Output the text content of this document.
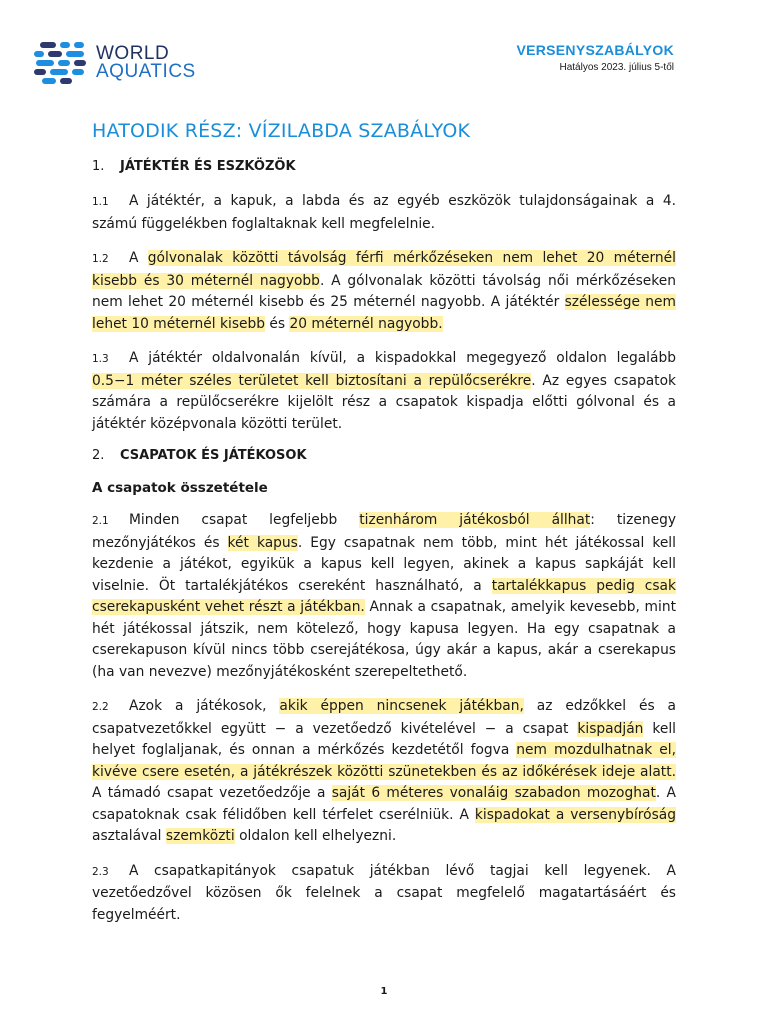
WORLD
AQUATICS
VERSENYSZABÁLYOK
Hatályos 2023. július 5-től
HATODIK RÉSZ: VÍZILABDA SZABÁLYOK
1. JÁTÉKTÉR ÉS ESZKÖZÖK

1.1 A játéktér, a kapuk, a labda és az egyéb eszközök tulajdonságainak a 4. számú függelékben foglaltaknak kell megfelelnie.

1.2 A gólvonalak közötti távolság férfi mérkőzéseken nem lehet 20 méternél kisebb és 30 méternél nagyobb. A gólvonalak közötti távolság női mérkőzéseken nem lehet 20 méternél kisebb és 25 méternél nagyobb. A játéktér szélessége nem lehet 10 méternél kisebb és 20 méternél nagyobb.

1.3 A játéktér oldalvonalán kívül, a kispadokkal megegyező oldalon legalább 0.5−1 méter széles területet kell biztosítani a repülőcserékre. Az egyes csapatok számára a repülőcserékre kijelölt rész a csapatok kispadja előtti gólvonal és a játéktér középvonala közötti terület.

2. CSAPATOK ÉS JÁTÉKOSOK
A csapatok összetétele

2.1 Minden csapat legfeljebb tizenhárom játékosból állhat: tizenegy mezőnyjátékos és két kapus. Egy csapatnak nem több, mint hét játékossal kell kezdenie a játékot, egyikük a kapus kell legyen, akinek a kapus sapkáját kell viselnie. Öt tartalékjátékos csereként használható, a tartalékkapus pedig csak cserekapusként vehet részt a játékban. Annak a csapatnak, amelyik kevesebb, mint hét játékossal játszik, nem kötelező, hogy kapusa legyen. Ha egy csapatnak a cserekapuson kívül nincs több cserejátékosa, úgy akár a kapus, akár a cserekapus (ha van nevezve) mezőnyjátékosként szerepeltethető.

2.2 Azok a játékosok, akik éppen nincsenek játékban, az edzőkkel és a csapatvezetőkkel együtt − a vezetőedző kivételével − a csapat kispadján kell helyet foglaljanak, és onnan a mérkőzés kezdetétől fogva nem mozdulhatnak el, kivéve csere esetén, a játékrészek közötti szünetekben és az időkérések ideje alatt. A támadó csapat vezetőedzője a saját 6 méteres vonaláig szabadon mozoghat. A csapatoknak csak félidőben kell térfelet cserélniük. A kispadokat a versenybíróság asztalával szemközti oldalon kell elhelyezni.

2.3 A csapatkapitányok csapatuk játékban lévő tagjai kell legyenek. A vezetőedzővel közösen ők felelnek a csapat megfelelő magatartásáért és fegyelméért.

1
